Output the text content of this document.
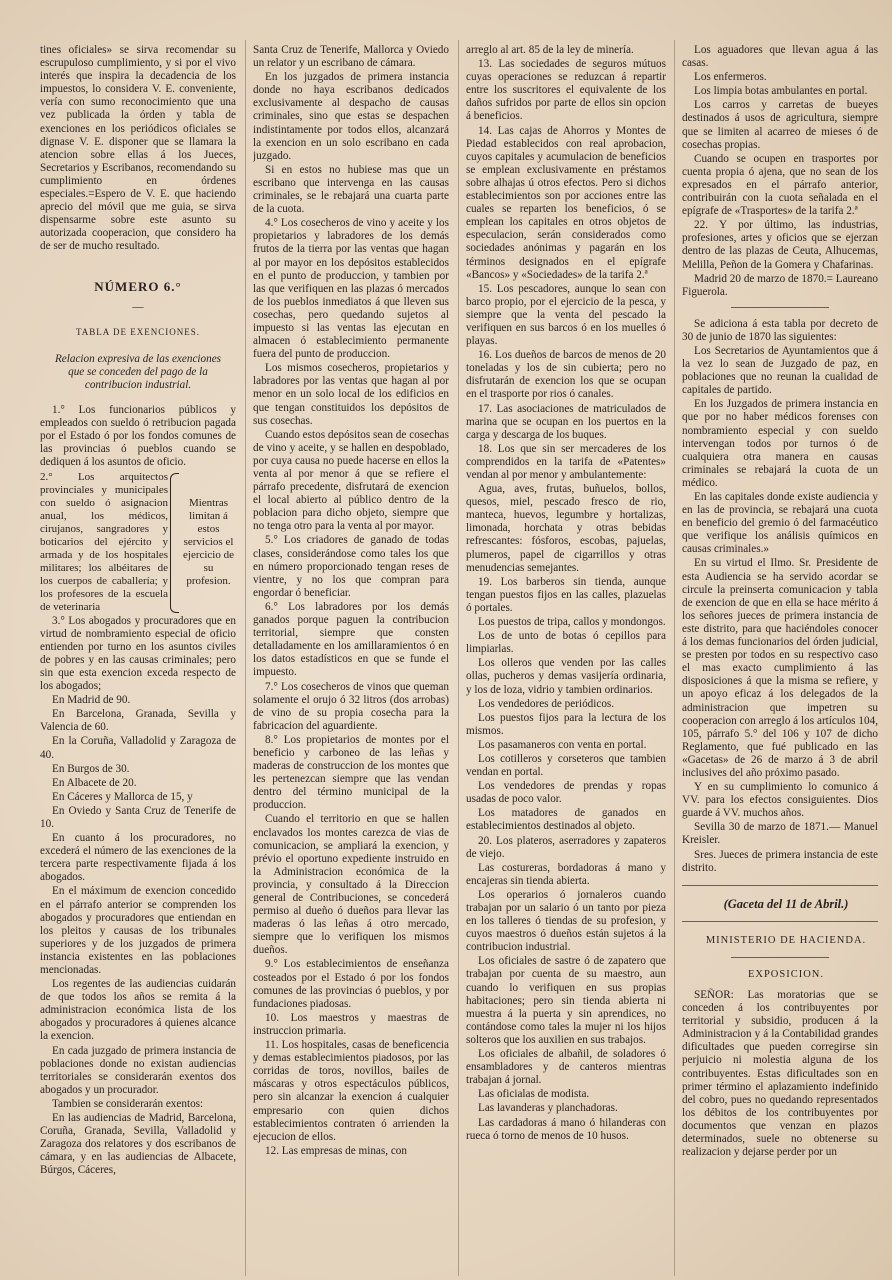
tines oficiales» se sirva recomendar su escrupuloso cumplimiento, y si por el vivo interés que inspira la decadencia de los impuestos, lo considera V. E. conveniente, vería con sumo reconocimiento que una vez publicada la órden y tabla de exenciones en los periódicos oficiales se dignase V. E. disponer que se llamara la atencion sobre ellas á los Jueces, Secretarios y Escribanos, recomendando su cumplimiento en órdenes especiales.=Espero de V. E. que haciendo aprecio del móvil que me guia, se sirva dispensarme sobre este asunto su autorizada cooperacion, que considero ha de ser de mucho resultado.

NÚMERO 6.°

—

TABLA DE EXENCIONES.

Relacion expresiva de las exenciones que se conceden del pago de la contribucion industrial.

1.° Los funcionarios públicos y empleados con sueldo ó retribucion pagada por el Estado ó por los fondos comunes de las provincias ó pueblos cuando se dediquen á los asuntos de oficio.

2.° Los arquitectos provinciales y municipales con sueldo ó asignacion anual, los médicos, cirujanos, sangradores y boticarios del ejército y armada y de los hospitales militares; los albéitares de los cuerpos de caballería; y los profesores de la escuela de veterinaria
Mientras limitan á estos servicios el ejercicio de su profesion.

3.° Los abogados y procuradores que en virtud de nombramiento especial de oficio entienden por turno en los asuntos civiles de pobres y en las causas criminales; pero sin que esta exencion exceda respecto de los abogados;

En Madrid de 90.

En Barcelona, Granada, Sevilla y Valencia de 60.

En la Coruña, Valladolid y Zaragoza de 40.

En Burgos de 30.

En Albacete de 20.

En Cáceres y Mallorca de 15, y

En Oviedo y Santa Cruz de Tenerife de 10.

En cuanto á los procuradores, no excederá el número de las exenciones de la tercera parte respectivamente fijada á los abogados.

En el máximum de exencion concedido en el párrafo anterior se comprenden los abogados y procuradores que entiendan en los pleitos y causas de los tribunales superiores y de los juzgados de primera instancia existentes en las poblaciones mencionadas.

Los regentes de las audiencias cuidarán de que todos los años se remita á la administracion económica lista de los abogados y procuradores á quienes alcance la exencion.

En cada juzgado de primera instancia de poblaciones donde no existan audiencias territoriales se considerarán exentos dos abogados y un procurador.

Tambien se considerarán exentos:

En las audiencias de Madrid, Barcelona, Coruña, Granada, Sevilla, Valladolid y Zaragoza dos relatores y dos escribanos de cámara, y en las audiencias de Albacete, Búrgos, Cáceres,

Santa Cruz de Tenerife, Mallorca y Oviedo un relator y un escribano de cámara.

En los juzgados de primera instancia donde no haya escribanos dedicados exclusivamente al despacho de causas criminales, sino que estas se despachen indistintamente por todos ellos, alcanzará la exencion en un solo escribano en cada juzgado.

Si en estos no hubiese mas que un escribano que intervenga en las causas criminales, se le rebajará una cuarta parte de la cuota.

4.° Los cosecheros de vino y aceite y los propietarios y labradores de los demás frutos de la tierra por las ventas que hagan al por mayor en los depósitos establecidos en el punto de produccion, y tambien por las que verifiquen en las plazas ó mercados de los pueblos inmediatos á que lleven sus cosechas, pero quedando sujetos al impuesto si las ventas las ejecutan en almacen ó establecimiento permanente fuera del punto de produccion.

Los mismos cosecheros, propietarios y labradores por las ventas que hagan al por menor en un solo local de los edificios en que tengan constituidos los depósitos de sus cosechas.

Cuando estos depósitos sean de cosechas de vino y aceite, y se hallen en despoblado, por cuya causa no puede hacerse en ellos la venta al por menor á que se refiere el párrafo precedente, disfrutará de exencion el local abierto al público dentro de la poblacion para dicho objeto, siempre que no tenga otro para la venta al por mayor.

5.° Los criadores de ganado de todas clases, considerándose como tales los que en número proporcionado tengan reses de vientre, y no los que compran para engordar ó beneficiar.

6.° Los labradores por los demás ganados porque paguen la contribucion territorial, siempre que consten detalladamente en los amillaramientos ó en los datos estadísticos en que se funde el impuesto.

7.° Los cosecheros de vinos que queman solamente el orujo ó 32 litros (dos arrobas) de vino de su propia cosecha para la fabricacion del aguardiente.

8.° Los propietarios de montes por el beneficio y carboneo de las leñas y maderas de construccion de los montes que les pertenezcan siempre que las vendan dentro del término municipal de la produccion.

Cuando el territorio en que se hallen enclavados los montes carezca de vias de comunicacion, se ampliará la exencion, y prévio el oportuno expediente instruido en la Administracion económica de la provincia, y consultado á la Direccion general de Contribuciones, se concederá permiso al dueño ó dueños para llevar las maderas ó las leñas á otro mercado, siempre que lo verifiquen los mismos dueños.

9.° Los establecimientos de enseñanza costeados por el Estado ó por los fondos comunes de las provincias ó pueblos, y por fundaciones piadosas.

10. Los maestros y maestras de instruccion primaria.

11. Los hospitales, casas de beneficencia y demas establecimientos piadosos, por las corridas de toros, novillos, bailes de máscaras y otros espectáculos públicos, pero sin alcanzar la exencion á cualquier empresario con quien dichos establecimientos contraten ó arrienden la ejecucion de ellos.

12. Las empresas de minas, con

arreglo al art. 85 de la ley de minería.

13. Las sociedades de seguros mútuos cuyas operaciones se reduzcan á repartir entre los suscritores el equivalente de los daños sufridos por parte de ellos sin opcion á beneficios.

14. Las cajas de Ahorros y Montes de Piedad establecidos con real aprobacion, cuyos capitales y acumulacion de beneficios se emplean exclusivamente en préstamos sobre alhajas ú otros efectos. Pero si dichos establecimientos son por acciones entre las cuales se reparten los beneficios, ó se emplean los capitales en otros objetos de especulacion, serán considerados como sociedades anónimas y pagarán en los términos designados en el epígrafe «Bancos» y «Sociedades» de la tarifa 2.ª

15. Los pescadores, aunque lo sean con barco propio, por el ejercicio de la pesca, y siempre que la venta del pescado la verifiquen en sus barcos ó en los muelles ó playas.

16. Los dueños de barcos de menos de 20 toneladas y los de sin cubierta; pero no disfrutarán de exencion los que se ocupan en el trasporte por rios ó canales.

17. Las asociaciones de matriculados de marina que se ocupan en los puertos en la carga y descarga de los buques.

18. Los que sin ser mercaderes de los comprendidos en la tarifa de «Patentes» vendan al por menor y ambulantemente:

Agua, aves, frutas, buñuelos, bollos, quesos, miel, pescado fresco de rio, manteca, huevos, legumbre y hortalizas, limonada, horchata y otras bebidas refrescantes: fósforos, escobas, pajuelas, plumeros, papel de cigarrillos y otras menudencias semejantes.

19. Los barberos sin tienda, aunque tengan puestos fijos en las calles, plazuelas ó portales.

Los puestos de tripa, callos y mondongos.

Los de unto de botas ó cepillos para limpiarlas.

Los olleros que venden por las calles ollas, pucheros y demas vasijería ordinaria, y los de loza, vidrio y tambien ordinarios.

Los vendedores de periódicos.

Los puestos fijos para la lectura de los mismos.

Los pasamaneros con venta en portal.

Los cotilleros y corseteros que tambien vendan en portal.

Los vendedores de prendas y ropas usadas de poco valor.

Los matadores de ganados en establecimientos destinados al objeto.

20. Los plateros, aserradores y zapateros de viejo.

Las costureras, bordadoras á mano y encajeras sin tienda abierta.

Los operarios ó jornaleros cuando trabajan por un salario ó un tanto por pieza en los talleres ó tiendas de su profesion, y cuyos maestros ó dueños están sujetos á la contribucion industrial.

Los oficiales de sastre ó de zapatero que trabajan por cuenta de su maestro, aun cuando lo verifiquen en sus propias habitaciones; pero sin tienda abierta ni muestra á la puerta y sin aprendices, no contándose como tales la mujer ni los hijos solteros que los auxilien en sus trabajos.

Los oficiales de albañil, de soladores ó ensambladores y de canteros mientras trabajan á jornal.

Las oficialas de modista.

Las lavanderas y planchadoras.

Las cardadoras á mano ó hilanderas con rueca ó torno de menos de 10 husos.

Los aguadores que llevan agua á las casas.

Los enfermeros.

Los limpia botas ambulantes en portal.

Los carros y carretas de bueyes destinados á usos de agricultura, siempre que se limiten al acarreo de mieses ó de cosechas propias.

Cuando se ocupen en trasportes por cuenta propia ó ajena, que no sean de los expresados en el párrafo anterior, contribuirán con la cuota señalada en el epígrafe de «Trasportes» de la tarifa 2.ª

22. Y por último, las industrias, profesiones, artes y oficios que se ejerzan dentro de las plazas de Ceuta, Alhucemas, Melilla, Peñon de la Gomera y Chafarinas.

Madrid 20 de marzo de 1870.= Laureano Figuerola.

Se adiciona á esta tabla por decreto de 30 de junio de 1870 las siguientes:

Los Secretarios de Ayuntamientos que á la vez lo sean de Juzgado de paz, en poblaciones que no reunan la cualidad de capitales de partido.

En los Juzgados de primera instancia en que por no haber médicos forenses con nombramiento especial y con sueldo intervengan todos por turnos ó de cualquiera otra manera en causas criminales se rebajará la cuota de un médico.

En las capitales donde existe audiencia y en las de provincia, se rebajará una cuota en beneficio del gremio ó del farmacéutico que verifique los análisis químicos en causas criminales.»

En su virtud el Ilmo. Sr. Presidente de esta Audiencia se ha servido acordar se circule la preinserta comunicacion y tabla de exencion de que en ella se hace mérito á los señores jueces de primera instancia de este distrito, para que haciéndoles conocer á los demas funcionarios del órden judicial, se presten por todos en su respectivo caso el mas exacto cumplimiento á las disposiciones á que la misma se refiere, y un apoyo eficaz á los delegados de la administracion que impetren su cooperacion con arreglo á los artículos 104, 105, párrafo 5.° del 106 y 107 de dicho Reglamento, que fué publicado en las «Gacetas» de 26 de marzo á 3 de abril inclusives del año próximo pasado.

Y en su cumplimiento lo comunico á VV. para los efectos consiguientes. Dios guarde á VV. muchos años.

Sevilla 30 de marzo de 1871.— Manuel Kreisler.

Sres. Jueces de primera instancia de este distrito.

(Gaceta del 11 de Abril.)

MINISTERIO DE HACIENDA.

EXPOSICION.

SEÑOR: Las moratorias que se conceden á los contribuyentes por territorial y subsidio, producen á la Administracion y á la Contabilidad grandes dificultades que pueden corregirse sin perjuicio ni molestia alguna de los contribuyentes. Estas dificultades son en primer término el aplazamiento indefinido del cobro, pues no quedando representados los débitos de los contribuyentes por documentos que venzan en plazos determinados, suele no obtenerse su realizacion y dejarse perder por un
